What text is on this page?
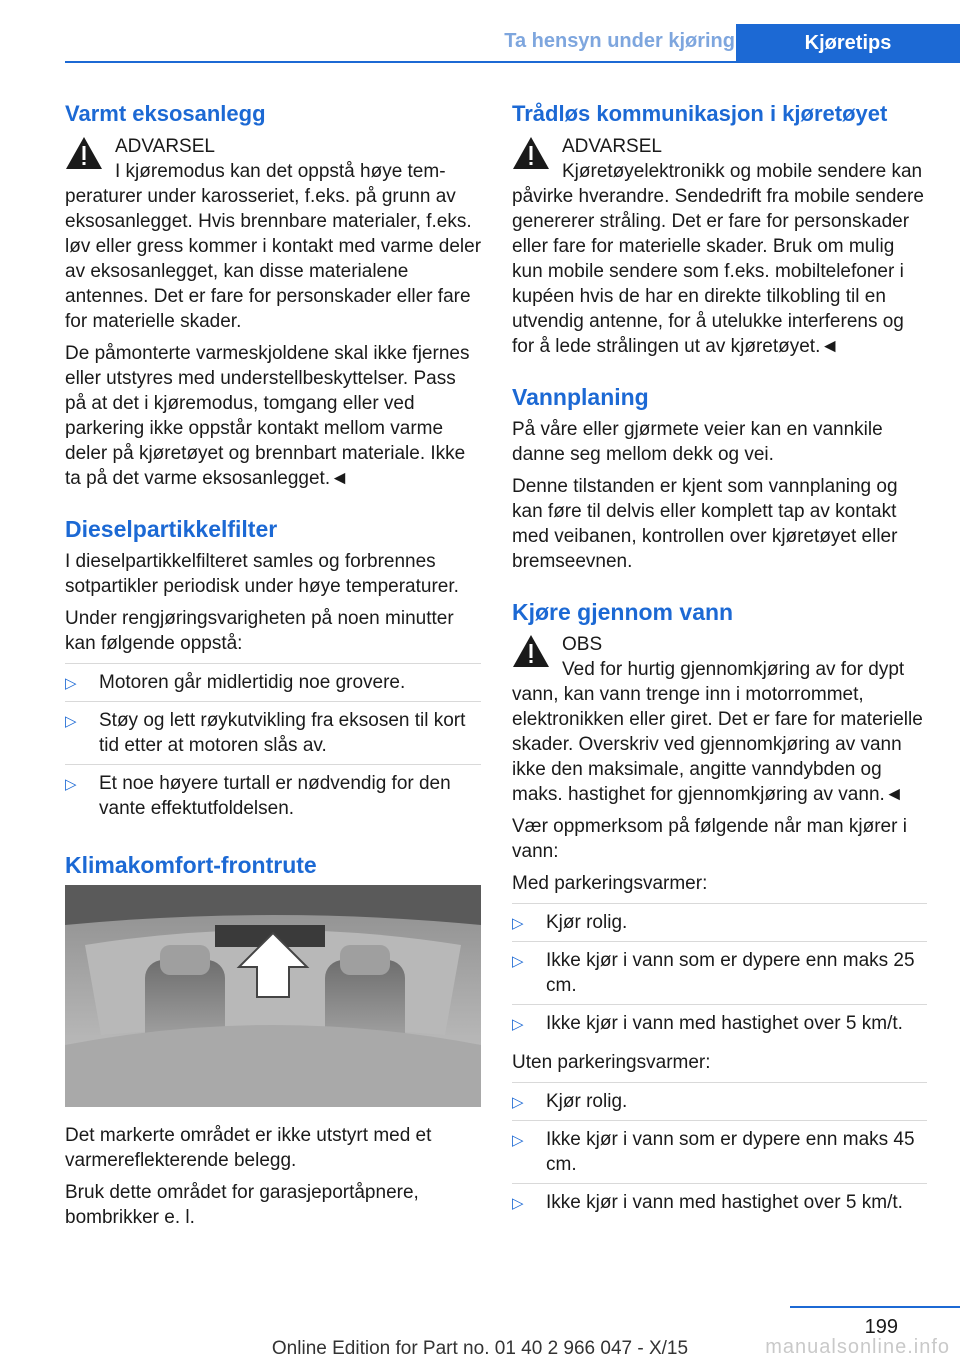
Ta hensyn under kjøring	Kjøretips
Varmt eksosanlegg
ADVARSEL

I kjøremodus kan det oppstå høye temperaturer under karosseriet, f.eks. på grunn av eksosanlegget. Hvis brennbare materialer, f.eks. løv eller gress kommer i kontakt med varme deler av eksosanlegget, kan disse materialene antennes. Det er fare for personskader eller fare for materielle skader.

De påmonterte varmeskjoldene skal ikke fjernes eller utstyres med understellbeskyttelser. Pass på at det i kjøremodus, tomgang eller ved parkering ikke oppstår kontakt mellom varme deler på kjøretøyet og brennbart materiale. Ikke ta på det varme eksosanlegget.◄

Dieselpartikkelfilter

I dieselpartikkelfilteret samles og forbrennes sotpartikler periodisk under høye temperaturer.

Under rengjøringsvarigheten på noen minutter kan følgende oppstå:

▷ Motoren går midlertidig noe grovere.
▷ Støy og lett røykutvikling fra eksosen til kort tid etter at motoren slås av.
▷ Et noe høyere turtall er nødvendig for den vante effektutfoldelsen.
Klimakomfort-frontrute

Det markerte området er ikke utstyrt med et varmereflekterende belegg.

Bruk dette området for garasjeportåpnere, bombrikker e. l.

Trådløs kommunikasjon i kjøretøyet
ADVARSEL

Kjøretøyelektronikk og mobile sendere kan påvirke hverandre. Sendedrift fra mobile sendere genererer stråling. Det er fare for personskader eller fare for materielle skader. Bruk om mulig kun mobile sendere som f.eks. mobiltelefoner i kupéen hvis de har en direkte tilkobling til en utvendig antenne, for å utelukke interferens og for å lede strålingen ut av kjøretøyet.◄

Vannplaning

På våre eller gjørmete veier kan en vannkile danne seg mellom dekk og vei.

Denne tilstanden er kjent som vannplaning og kan føre til delvis eller komplett tap av kontakt med veibanen, kontrollen over kjøretøyet eller bremseevnen.

Kjøre gjennom vann
OBS

Ved for hurtig gjennomkjøring av for dypt vann, kan vann trenge inn i motorrommet, elektronikken eller giret. Det er fare for materielle skader. Overskriv ved gjennomkjøring av vann ikke den maksimale, angitte vanndybden og maks. hastighet for gjennomkjøring av vann.◄

Vær oppmerksom på følgende når man kjører i vann:

Med parkeringsvarmer:

▷ Kjør rolig.
▷ Ikke kjør i vann som er dypere enn maks 25 cm.
▷ Ikke kjør i vann med hastighet over 5 km/t.

Uten parkeringsvarmer:

▷ Kjør rolig.
▷ Ikke kjør i vann som er dypere enn maks 45 cm.
▷ Ikke kjør i vann med hastighet over 5 km/t.
199
Online Edition for Part no. 01 40 2 966 047 - X/15	manualsonline.info
